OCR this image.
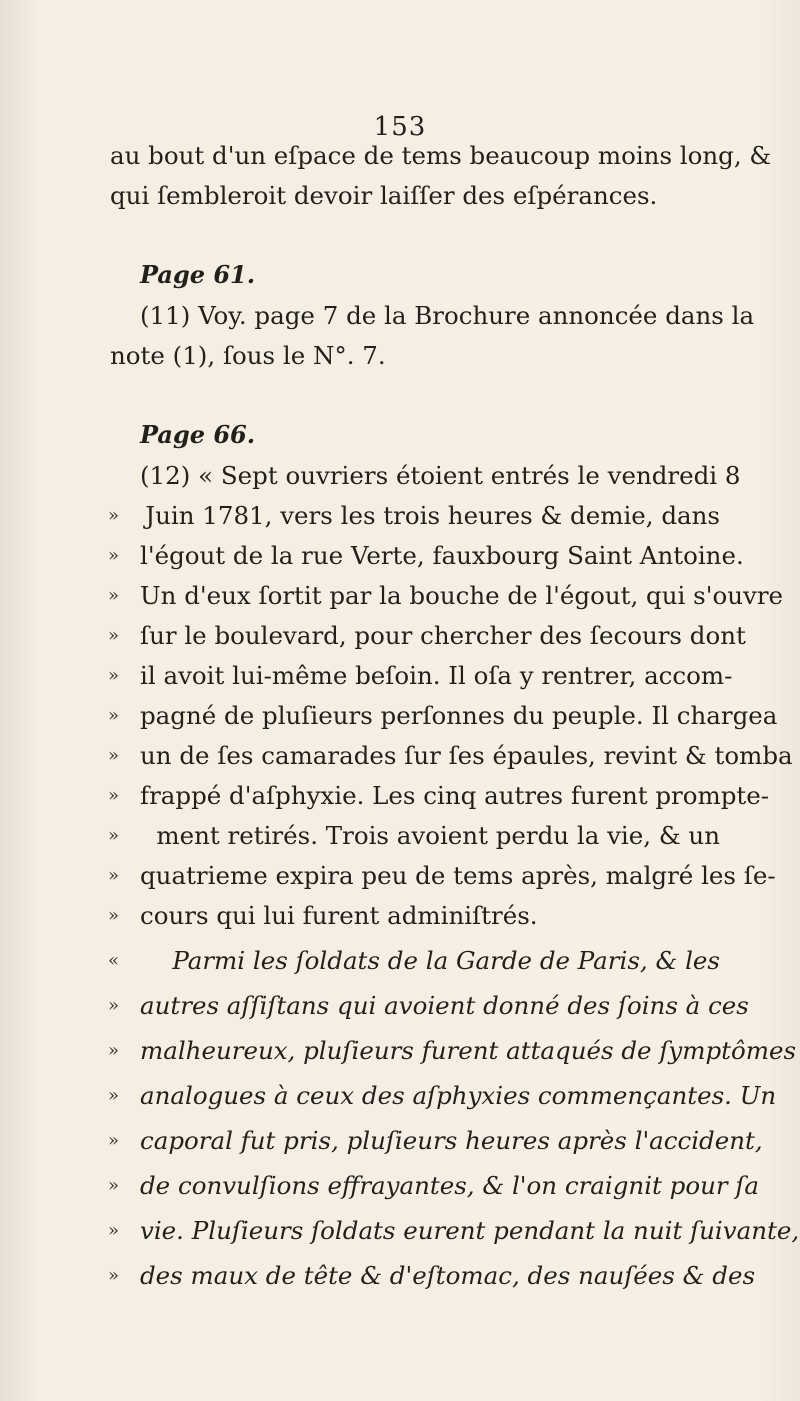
153
au bout d'un eſpace de tems beaucoup moins long, &
qui ſembleroit devoir laiſſer des eſpérances.
Page 61.
(11) Voy. page 7 de la Brochure annoncée dans la
note (1), ſous le N°. 7.
Page 66.
(12) « Sept ouvriers étoient entrés le vendredi 8
» Juin 1781, vers les trois heures & demie, dans
» l'égout de la rue Verte, fauxbourg Saint Antoine.
» Un d'eux ſortit par la bouche de l'égout, qui s'ouvre
» ſur le boulevard, pour chercher des ſecours dont
» il avoit lui-même beſoin. Il oſa y rentrer, accom-
» pagné de pluſieurs perſonnes du peuple. Il chargea
» un de ſes camarades ſur ſes épaules, revint & tomba
» frappé d'aſphyxie. Les cinq autres furent prompte-
» ment retirés. Trois avoient perdu la vie, & un
» quatrieme expira peu de tems après, malgré les ſe-
» cours qui lui furent adminiſtrés.
« Parmi les ſoldats de la Garde de Paris, & les
» autres aſſiſtans qui avoient donné des ſoins à ces
» malheureux, pluſieurs furent attaqués de ſymptômes
» analogues à ceux des aſphyxies commençantes. Un
» caporal fut pris, pluſieurs heures après l'accident,
» de convulſions effrayantes, & l'on craignit pour ſa
» vie. Pluſieurs ſoldats eurent pendant la nuit ſuivante,
» des maux de tête & d'eſtomac, des nauſées & des
